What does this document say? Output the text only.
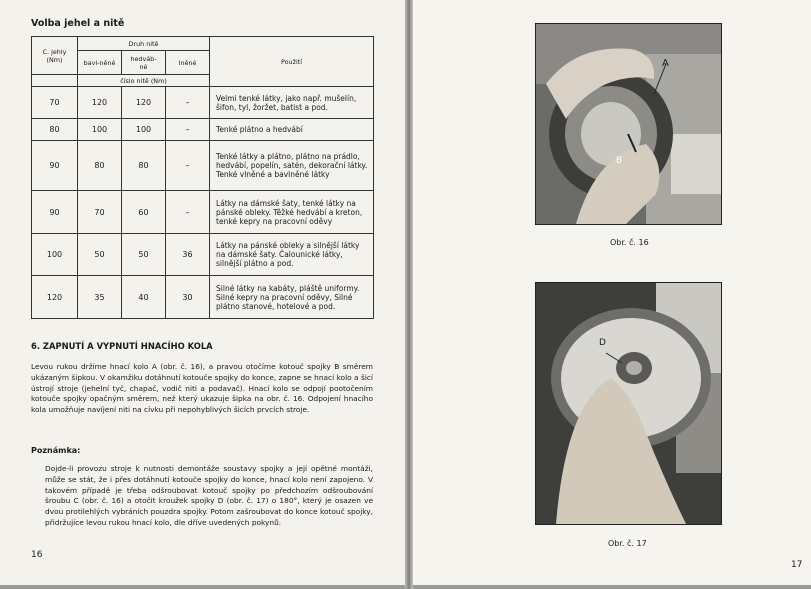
Volba jehel a nitě
C. jehly (Nm)	Druh nitě			Použití
	bavl-něné	hedváb-né	Iněné	
	číslo nitě (Nm)			
70	120	120	–	Velmi tenké látky, jako např. mušelín, šifon, tyl, žoržet, batist a pod.
80	100	100	–	Tenké plátno a hedvábí
90	80	80	–	Tenké látky a plátno, plátno na prádlo, hedvábí, popelín, satén, dekorační látky. Tenké vlněné a bavlněné látky
90	70	60	–	Látky na dámské šaty, tenké látky na pánské obleky. Těžké hedvábí a kreton, tenké kepry na pracovní oděvy
100	50	50	36	Látky na pánské obleky a silnější látky na dámské šaty. Čalounické látky, silnější plátno a pod.
120	35	40	30	Silné látky na kabáty, pláště uniformy. Silné kepry na pracovní oděvy, Silné plátno stanové, hotelové a pod.
6. ZAPNUTÍ A VYPNUTÍ HNACÍHO KOLA
Levou rukou držíme hnací kolo A (obr. č. 16), a pravou otočíme kotouč spojky B směrem ukázaným šipkou. V okamžiku dotáhnutí kotouče spojky do konce, zapne se hnací kolo a šicí ústrojí stroje (jehelní tyč, chapač, vodič niti a podavač). Hnací kolo se odpojí pootočením kotouče spojky opačným směrem, než který ukazuje šipka na obr. č. 16. Odpojení hnacího kola umožňuje navíjení niti na cívku při nepohyblivých šicích prvcích stroje.
Poznámka:
Dojde-li provozu stroje k nutnosti demontáže soustavy spojky a její opětné montáži, může se stát, že i přes dotáhnutí kotouče spojky do konce, hnací kolo není zapojeno. V takovém případě je třeba odšroubovat kotouč spojky po předchozím odšroubování šroubu C (obr. č. 16) a otočit kroužek spojky D (obr. č. 17) o 180°, který je osazen ve dvou protilehlých vybráních pouzdra spojky. Potom zašroubovat do konce kotouč spojky, přidržujíce levou rukou hnací kolo, dle dříve uvedených pokynů.
16
A
B
Obr. č. 16
D
Obr. č. 17
17
